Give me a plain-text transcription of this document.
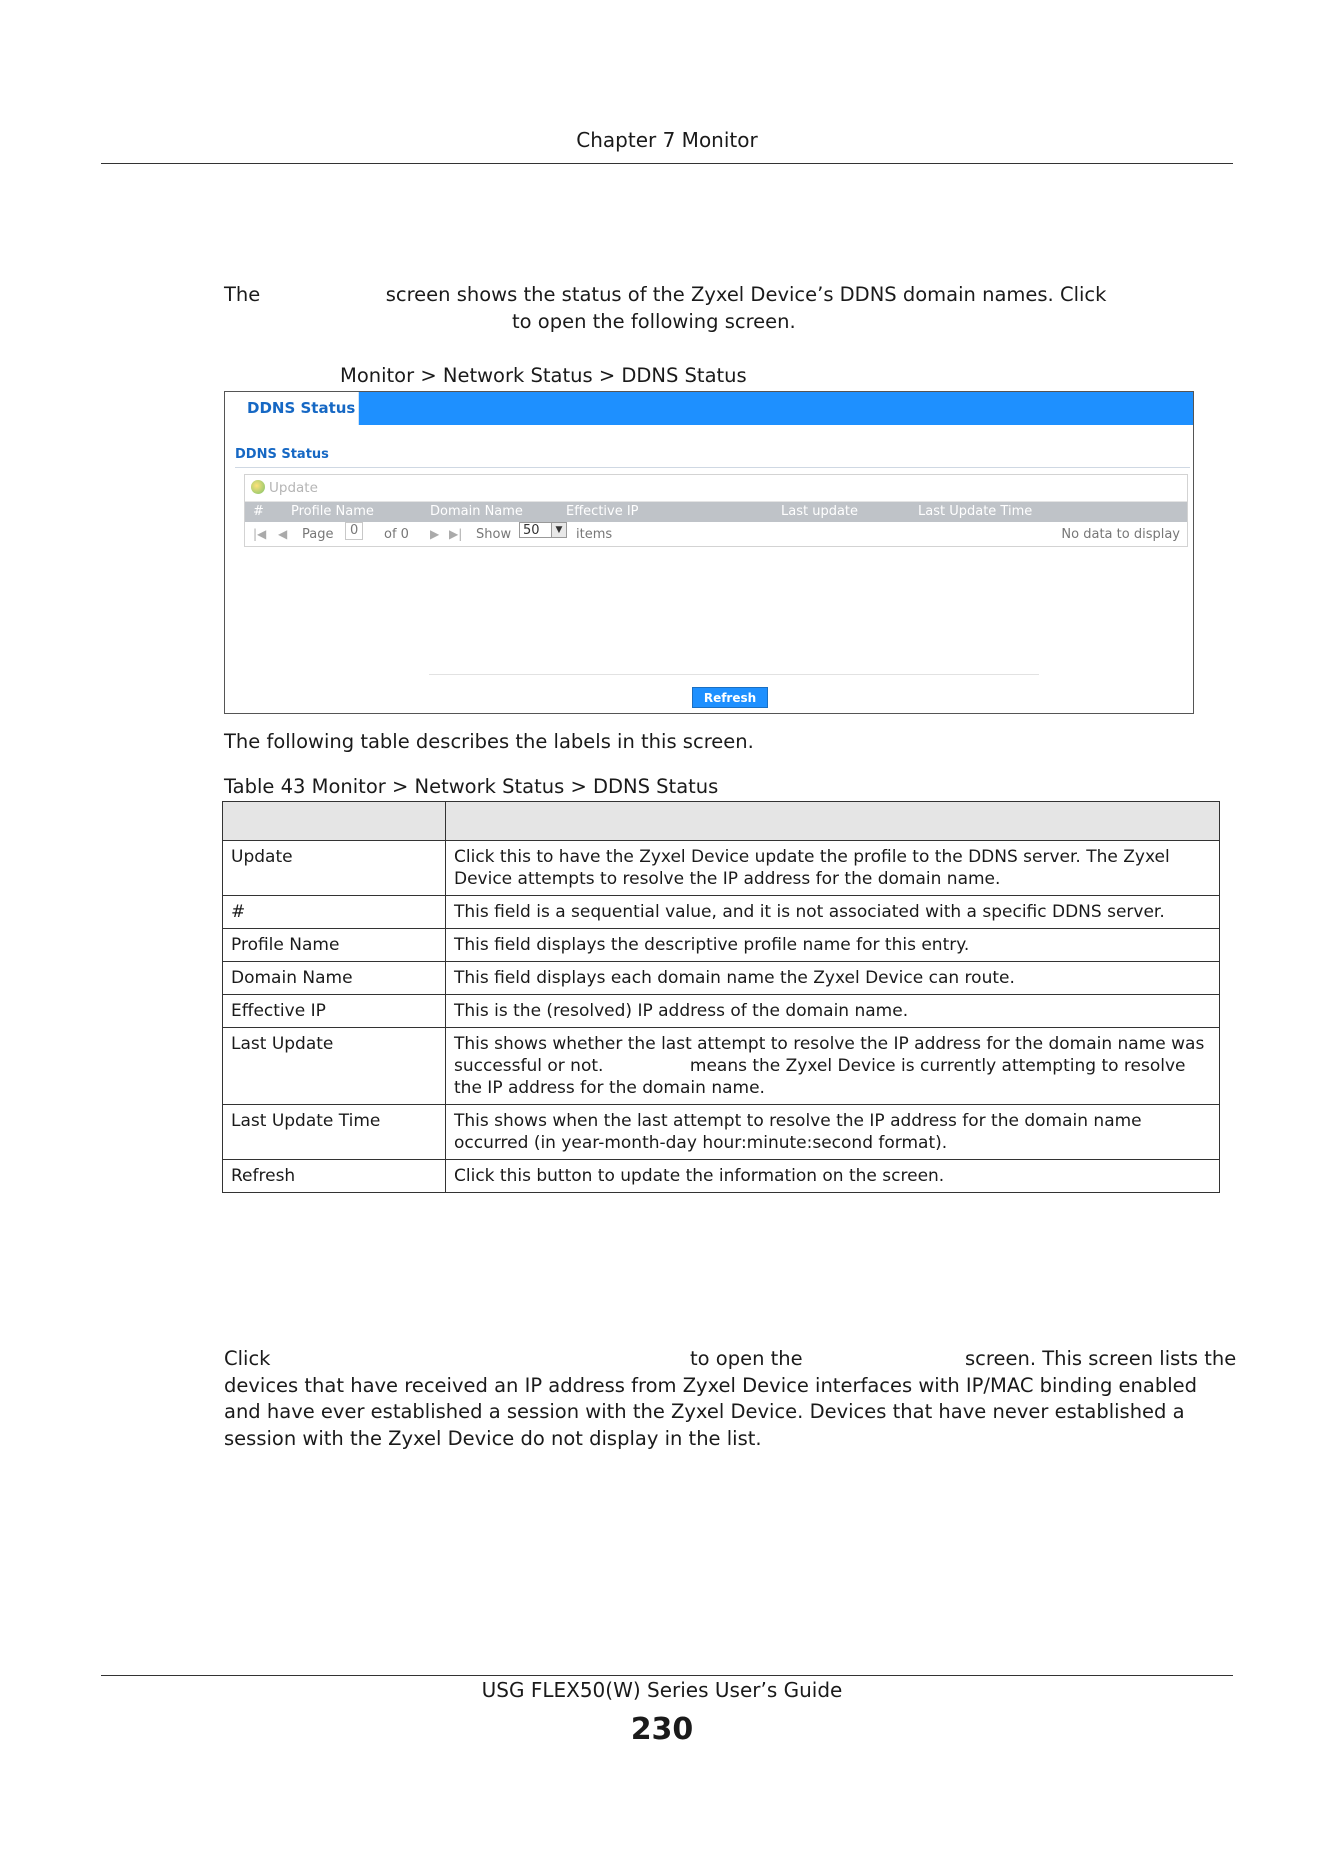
Chapter 7 Monitor
The	screen shows the status of the Zyxel Device’s DDNS domain names. Click
to open the following screen.
Monitor > Network Status > DDNS Status
DDNS Status
DDNS Status
Update
# Profile Name	Domain Name	Effective IP	Last update	Last Update Time
|◀ ◀ Page	0	of 0 ▶ ▶| Show 50	▼ items	No data to display
Refresh
The following table describes the labels in this screen.
Table 43 Monitor > Network Status > DDNS Status

Update	Click this to have the Zyxel Device update the profile to the DDNS server. The Zyxel Device attempts to resolve the IP address for the domain name.
#	This field is a sequential value, and it is not associated with a specific DDNS server.
Profile Name	This field displays the descriptive profile name for this entry.
Domain Name	This field displays each domain name the Zyxel Device can route.
Effective IP	This is the (resolved) IP address of the domain name.
Last Update	This shows whether the last attempt to resolve the IP address for the domain name was successful or not.                means the Zyxel Device is currently attempting to resolve the IP address for the domain name.
Last Update Time	This shows when the last attempt to resolve the IP address for the domain name occurred (in year-month-day hour:minute:second format).
Refresh	Click this button to update the information on the screen.
Click	to open the	screen. This screen lists the
devices that have received an IP address from Zyxel Device interfaces with IP/MAC binding enabled
and have ever established a session with the Zyxel Device. Devices that have never established a
session with the Zyxel Device do not display in the list.
USG FLEX50(W) Series User’s Guide
230
